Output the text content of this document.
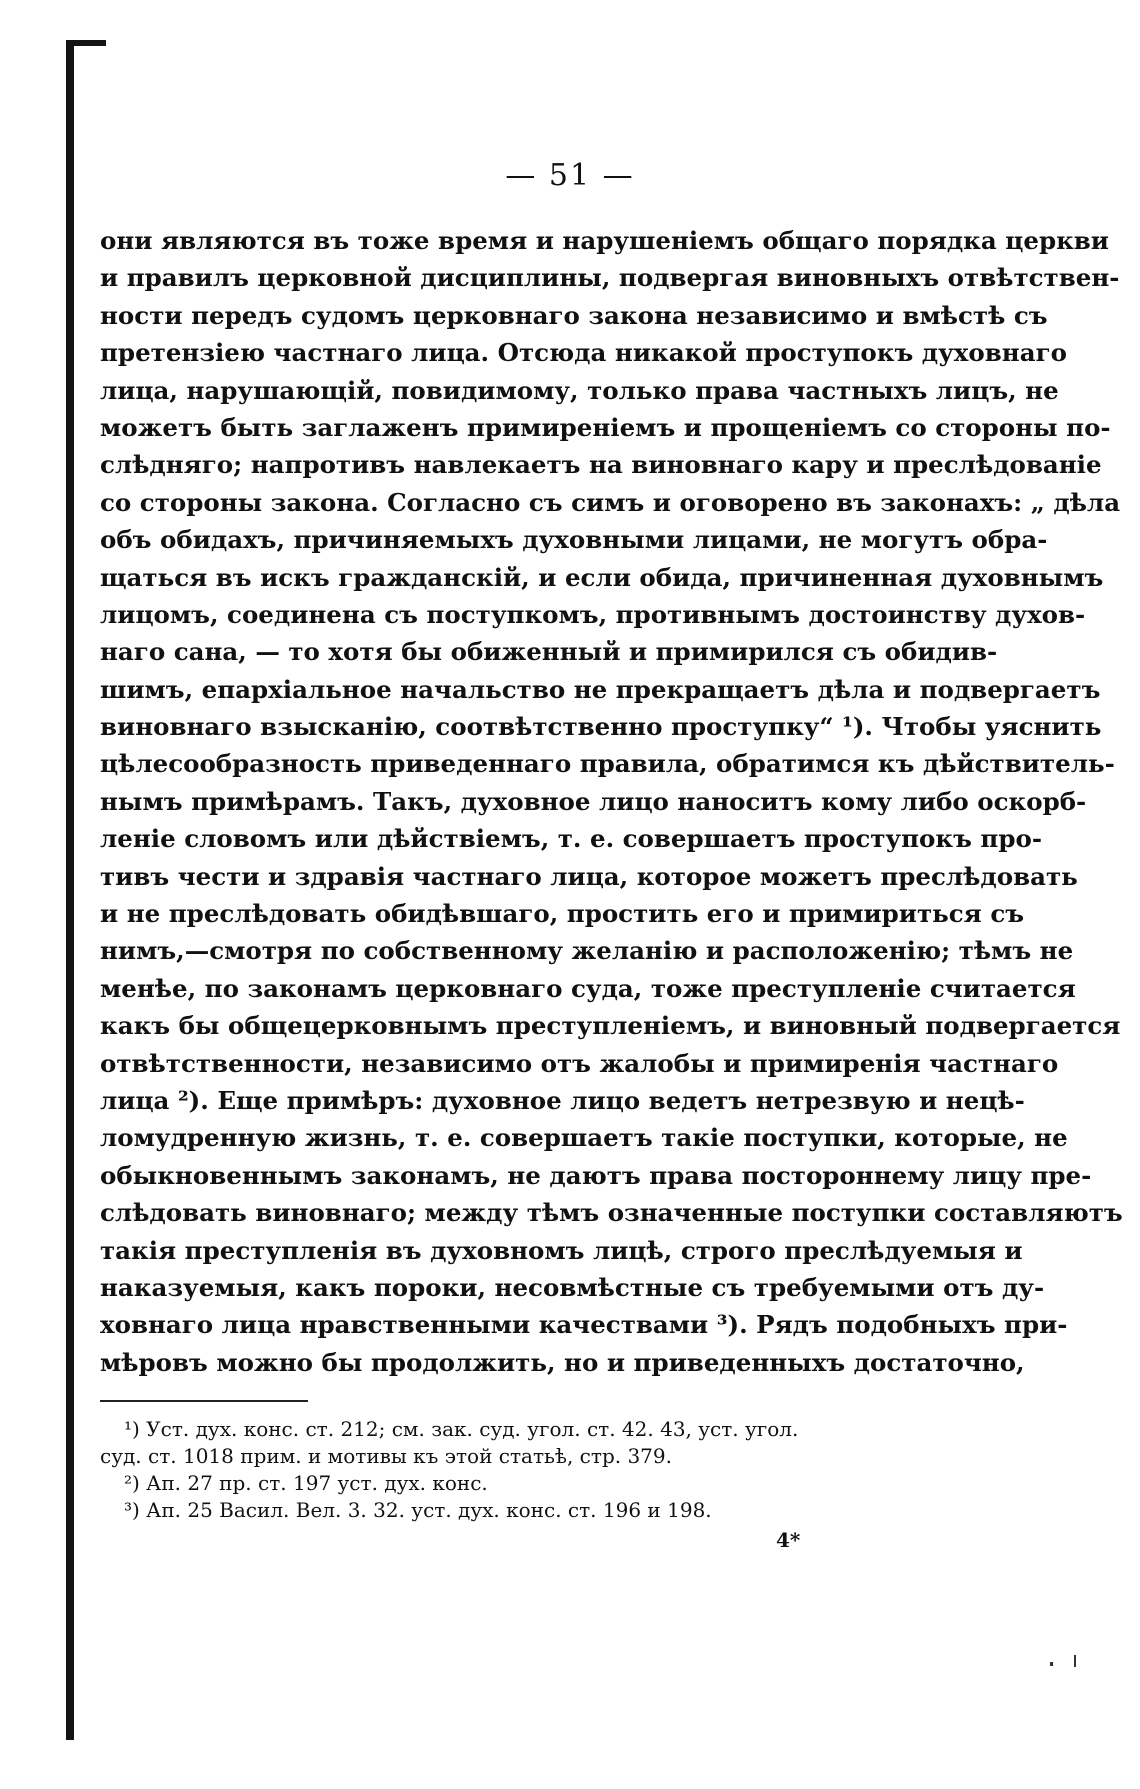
— 51 —
они являются въ тоже время и нарушеніемъ общаго порядка церкви
и правилъ церковной дисциплины, подвергая виновныхъ отвѣтствен-
ности передъ судомъ церковнаго закона независимо и вмѣстѣ съ
претензіею частнаго лица. Отсюда никакой проступокъ духовнаго
лица, нарушающій, повидимому, только права частныхъ лицъ, не
можетъ быть заглаженъ примиреніемъ и прощеніемъ со стороны по-
слѣдняго; напротивъ навлекаетъ на виновнаго кару и преслѣдованіе
со стороны закона. Согласно съ симъ и оговорено въ законахъ: „ дѣла
объ обидахъ, причиняемыхъ духовными лицами, не могутъ обра-
щаться въ искъ гражданскій, и если обида, причиненная духовнымъ
лицомъ, соединена съ поступкомъ, противнымъ достоинству духов-
наго сана, — то хотя бы обиженный и примирился съ обидив-
шимъ, епархіальное начальство не прекращаетъ дѣла и подвергаетъ
виновнаго взысканію, соотвѣтственно проступку“ ¹). Чтобы уяснить
цѣлесообразность приведеннаго правила, обратимся къ дѣйствитель-
нымъ примѣрамъ. Такъ, духовное лицо наноситъ кому либо оскорб-
леніе словомъ или дѣйствіемъ, т. е. совершаетъ проступокъ про-
тивъ чести и здравія частнаго лица, которое можетъ преслѣдовать
и не преслѣдовать обидѣвшаго, простить его и примириться съ
нимъ,—смотря по собственному желанію и расположенію; тѣмъ не
менѣе, по законамъ церковнаго суда, тоже преступленіе считается
какъ бы общецерковнымъ преступленіемъ, и виновный подвергается
отвѣтственности, независимо отъ жалобы и примиренія частнаго
лица ²). Еще примѣръ: духовное лицо ведетъ нетрезвую и нецѣ-
ломудренную жизнь, т. е. совершаетъ такіе поступки, которые, не
обыкновеннымъ законамъ, не даютъ права постороннему лицу пре-
слѣдовать виновнаго; между тѣмъ означенные поступки составляютъ
такія преступленія въ духовномъ лицѣ, строго преслѣдуемыя и
наказуемыя, какъ пороки, несовмѣстные съ требуемыми отъ ду-
ховнаго лица нравственными качествами ³). Рядъ подобныхъ при-
мѣровъ можно бы продолжить, но и приведенныхъ достаточно,
¹) Уст. дух. конс. ст. 212; см. зак. суд. угол. ст. 42. 43, уст. угол.
суд. ст. 1018 прим. и мотивы къ этой статьѣ, стр. 379.
²) Ап. 27 пр. ст. 197 уст. дух. конс.
³) Ап. 25 Васил. Вел. 3. 32. уст. дух. конс. ст. 196 и 198.
4*
